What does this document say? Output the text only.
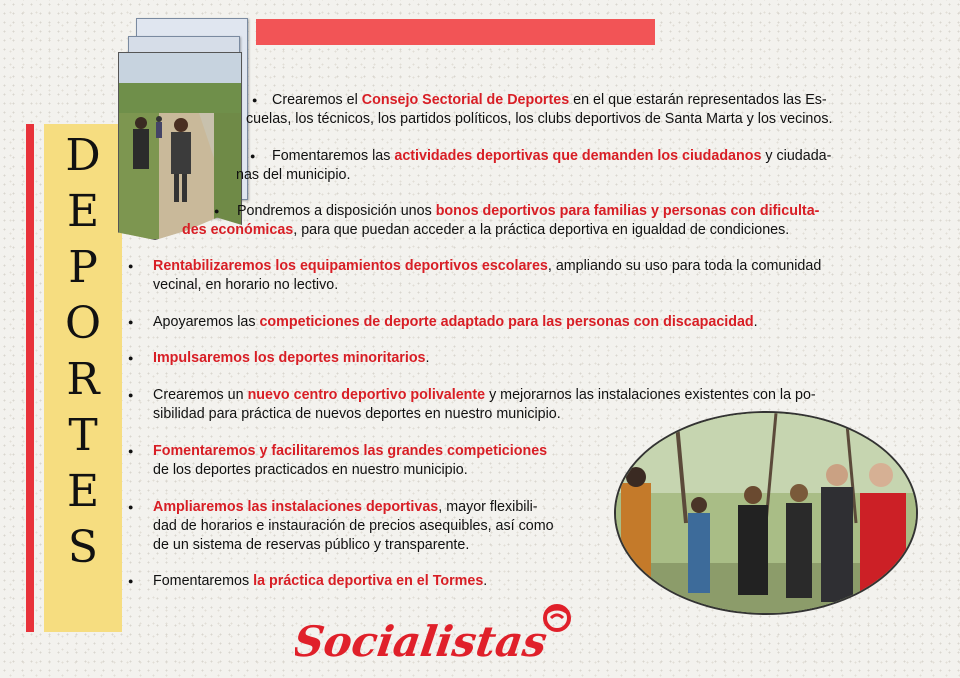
D
E
P
O
R
T
E
S
●	Crearemos el Consejo Sectorial de Deportes en el que estarán representados las Es-
cuelas, los técnicos, los partidos políticos, los clubs deportivos de Santa Marta y los vecinos.
●	Fomentaremos las actividades deportivas que demanden los ciudadanos y ciudada-
nas del municipio.
●	Pondremos a disposición unos bonos deportivos para familias y personas con dificulta-
des económicas, para que puedan acceder a la práctica deportiva en igualdad de condiciones.
●	Rentabilizaremos los equipamientos deportivos escolares, ampliando su uso para toda la comunidad
vecinal, en horario no lectivo.
●	Apoyaremos las competiciones de deporte adaptado para las personas con discapacidad.
●	Impulsaremos los deportes minoritarios.
●	Crearemos un nuevo centro deportivo polivalente y mejorarnos las instalaciones existentes con la po-
sibilidad para práctica de nuevos deportes en nuestro municipio.
●	Fomentaremos y facilitaremos las grandes competiciones
de los deportes practicados en nuestro municipio.
●	Ampliaremos las instalaciones deportivas, mayor flexibili-
dad de horarios e instauración de precios asequibles, así como
de un sistema de reservas público y transparente.
●	Fomentaremos la práctica deportiva en el Tormes.
Socialistas
